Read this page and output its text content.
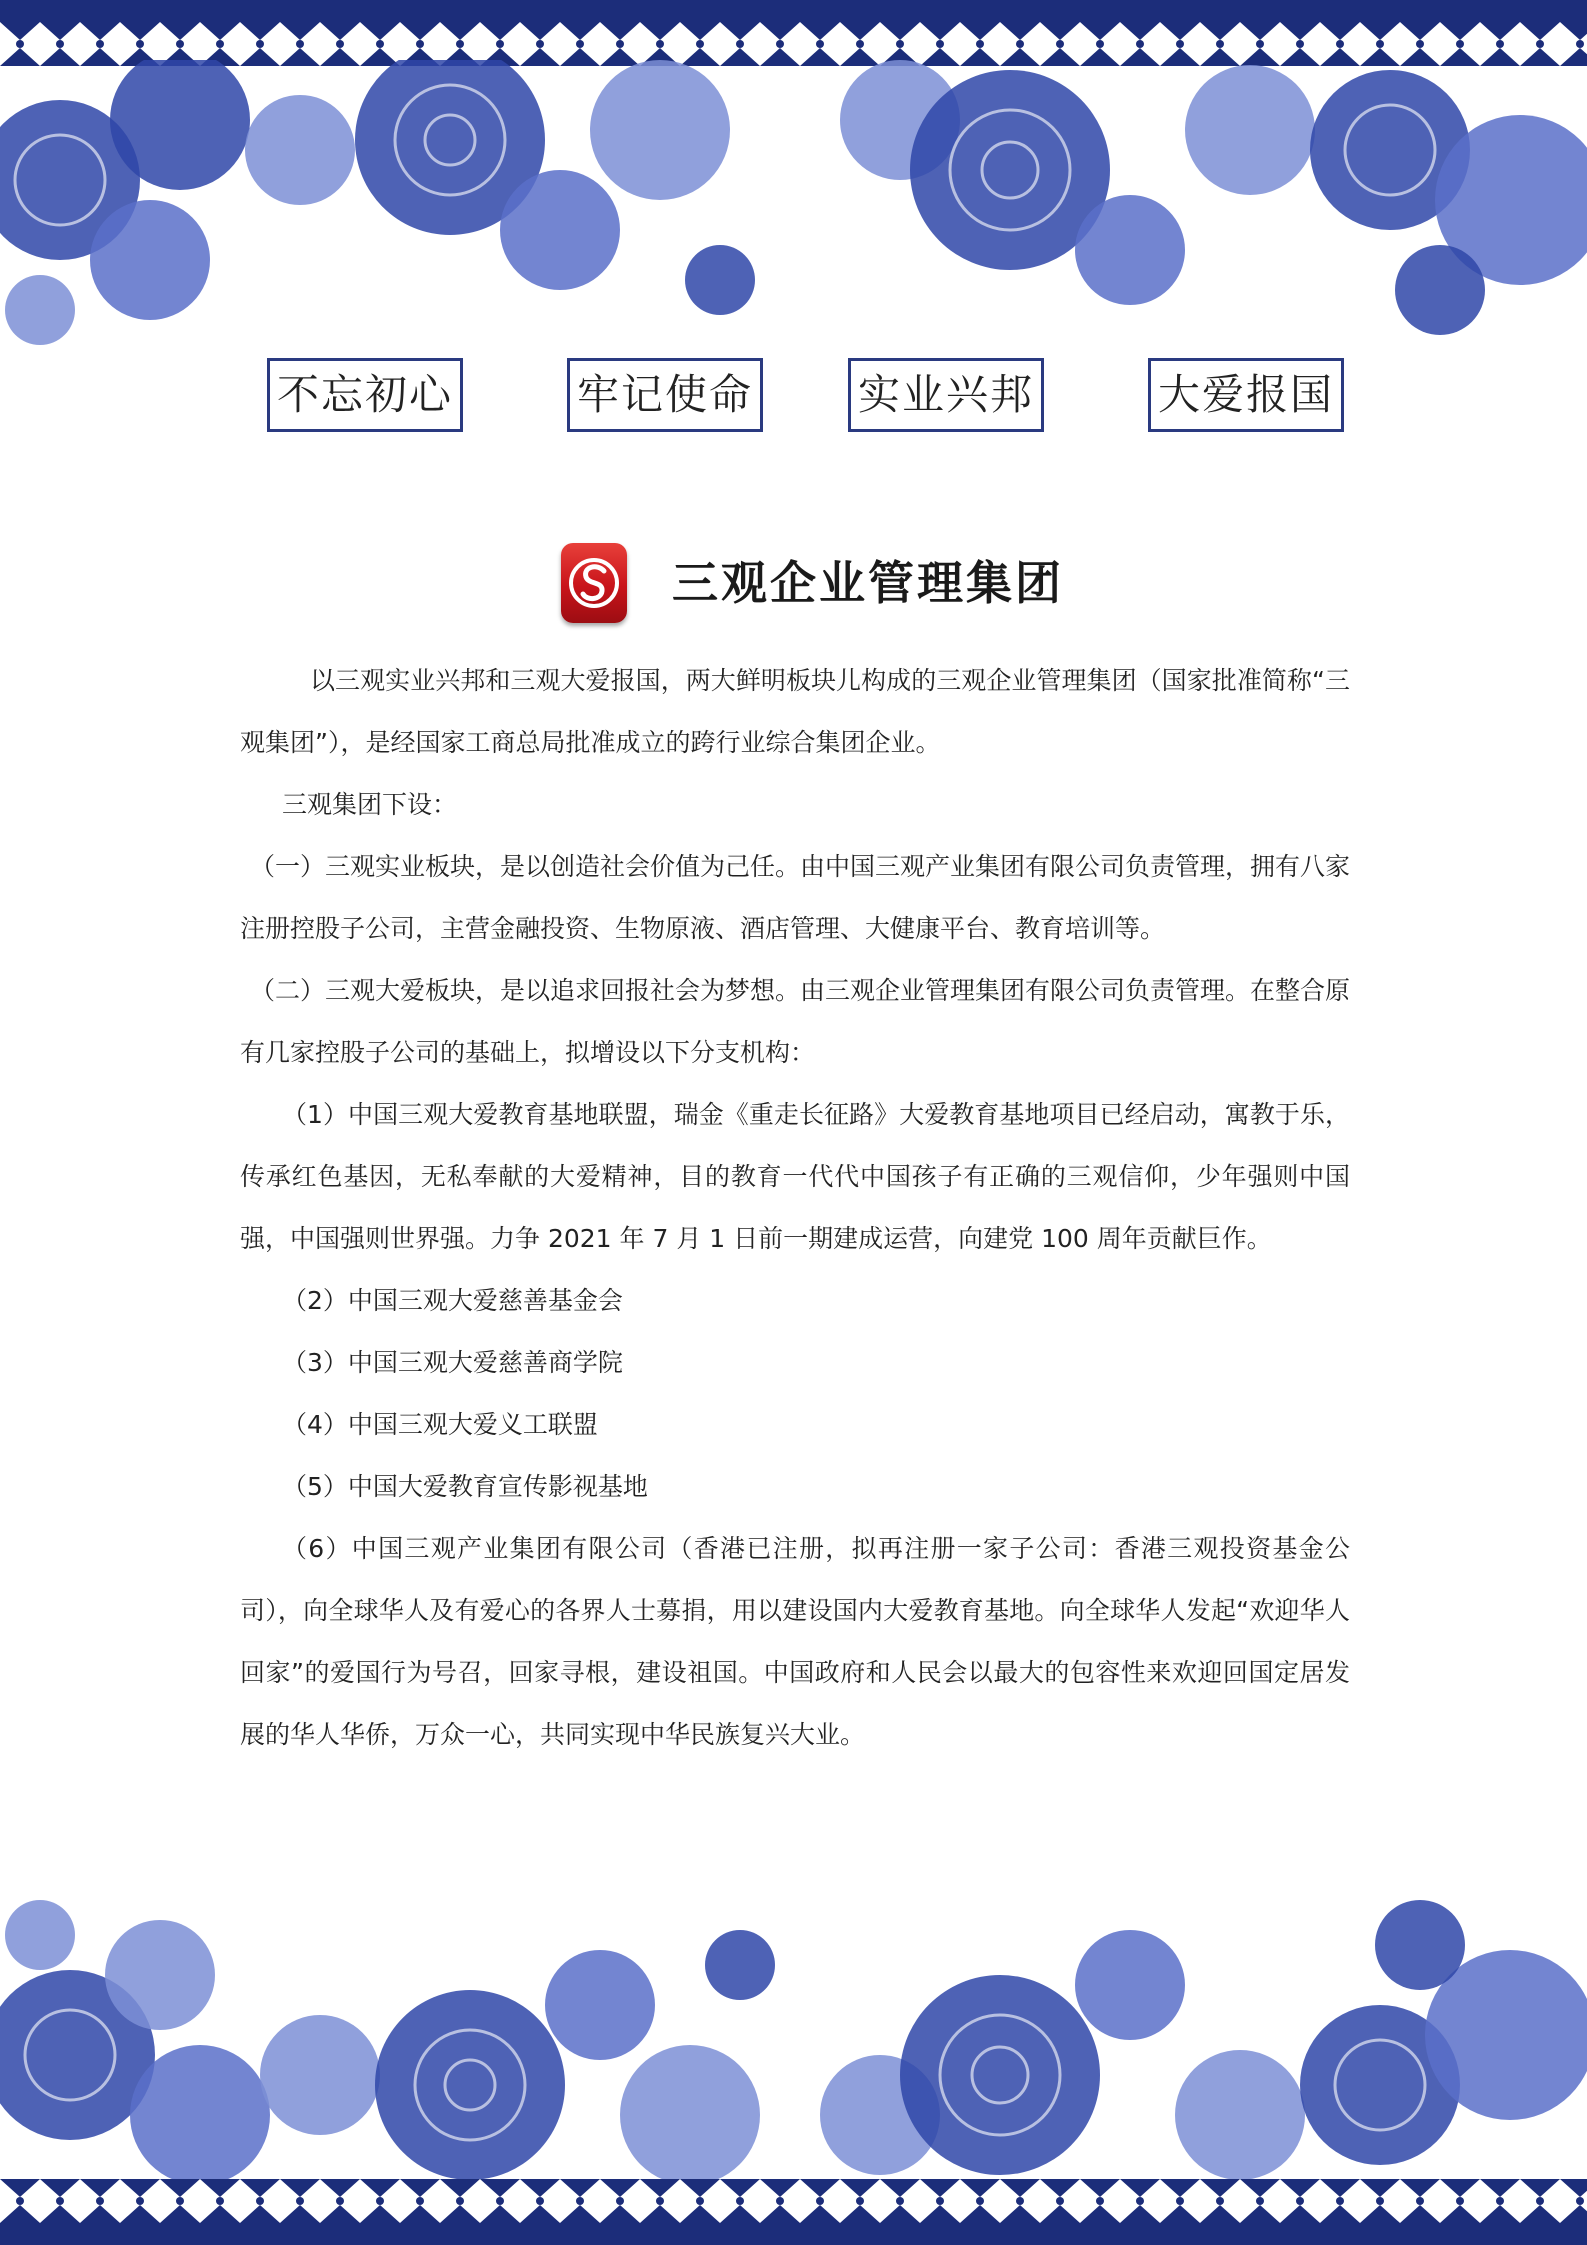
不忘初心	牢记使命 实业兴邦	大爱报国
三观企业管理集团

以三观实业兴邦和三观大爱报国，两大鲜明板块儿构成的三观企业管理集团（国家批准简称“三观集团”），是经国家工商总局批准成立的跨行业综合集团企业。

三观集团下设：

（一）三观实业板块，是以创造社会价值为己任。由中国三观产业集团有限公司负责管理，拥有八家注册控股子公司，主营金融投资、生物原液、酒店管理、大健康平台、教育培训等。

（二）三观大爱板块，是以追求回报社会为梦想。由三观企业管理集团有限公司负责管理。在整合原有几家控股子公司的基础上，拟增设以下分支机构：

（1）中国三观大爱教育基地联盟，瑞金《重走长征路》大爱教育基地项目已经启动，寓教于乐，传承红色基因，无私奉献的大爱精神，目的教育一代代中国孩子有正确的三观信仰，少年强则中国强，中国强则世界强。力争 2021 年 7 月 1 日前一期建成运营，向建党 100 周年贡献巨作。

（2）中国三观大爱慈善基金会

（3）中国三观大爱慈善商学院

（4）中国三观大爱义工联盟

（5）中国大爱教育宣传影视基地

（6）中国三观产业集团有限公司（香港已注册，拟再注册一家子公司：香港三观投资基金公司），向全球华人及有爱心的各界人士募捐，用以建设国内大爱教育基地。向全球华人发起“欢迎华人回家”的爱国行为号召，回家寻根，建设祖国。中国政府和人民会以最大的包容性来欢迎回国定居发展的华人华侨，万众一心，共同实现中华民族复兴大业。
